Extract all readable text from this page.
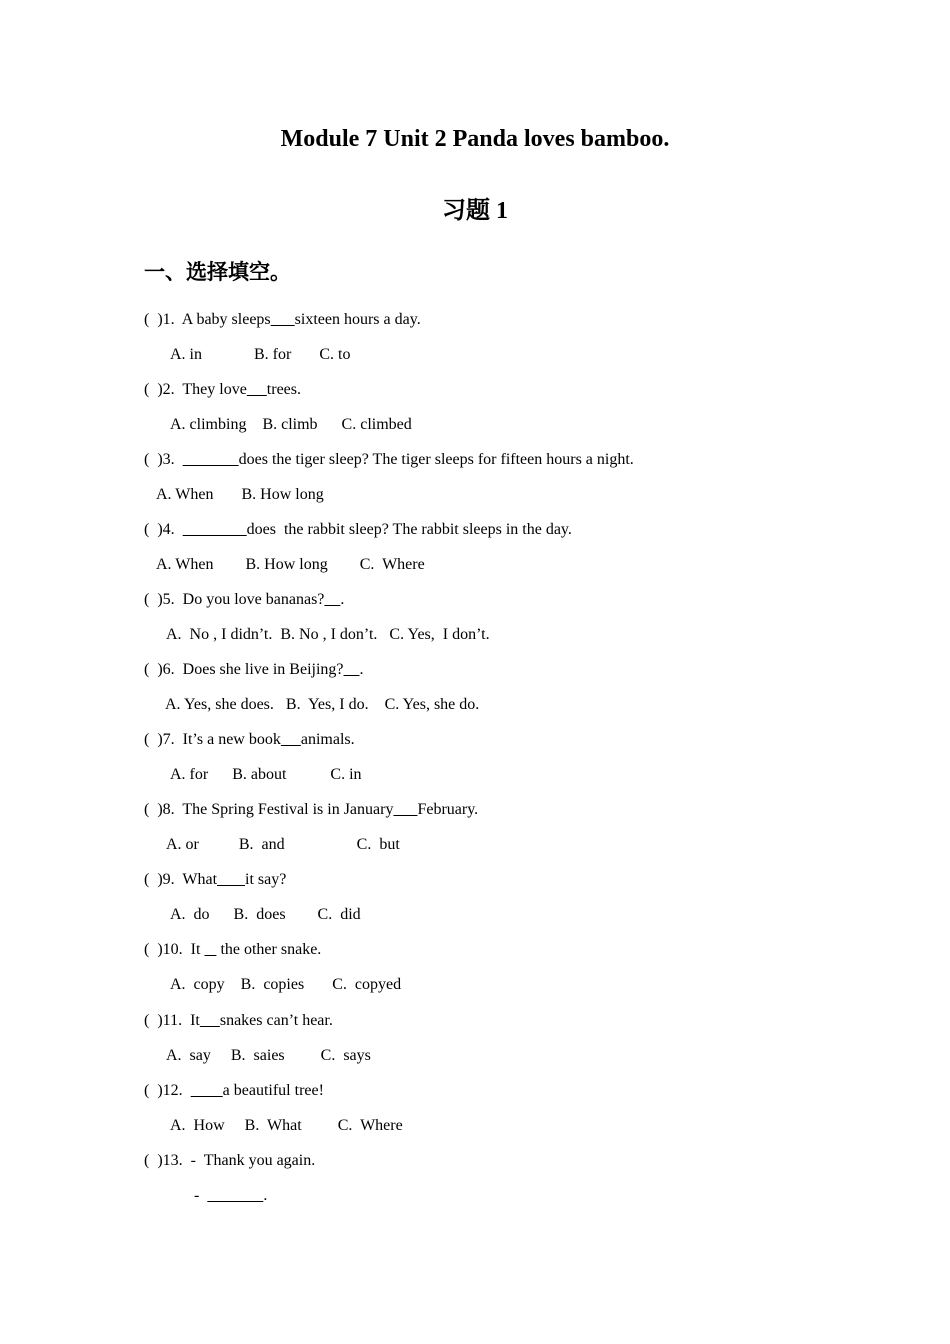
Module 7 Unit 2 Panda loves bamboo.
习题 1
一、选择填空。
(  )1.  A baby sleeps sixteen hours a day.
A. in             B. for       C. to
(  )2.  They love trees.
A. climbing    B. climb      C. climbed
(  )3.	does the tiger sleep? The tiger sleeps for fifteen hours a night.
A. When       B. How long
(  )4.	does  the rabbit sleep? The rabbit sleeps in the day.
A. When        B. How long        C.  Where
(  )5.  Do you love bananas? .
A.  No , I didn’t.  B. No , I don’t.   C. Yes,  I don’t.
(  )6.  Does she live in Beijing? .
A. Yes, she does.   B.  Yes, I do.    C. Yes, she do.
(  )7.  It’s a new book animals.
A. for      B. about           C. in
(  )8.  The Spring Festival is in January February.
A. or          B.  and                  C.  but
(  )9.  What it say?
A.  do      B.  does        C.  did
(  )10.  It     the other snake.
A.  copy    B.  copies       C.  copyed
(  )11.  It snakes can’t hear.
A.  say     B.  saies         C.  says
(  )12.          a beautiful tree!
A.  How     B.  What         C.  Where
(  )13.  -  Thank you again.
-	.
